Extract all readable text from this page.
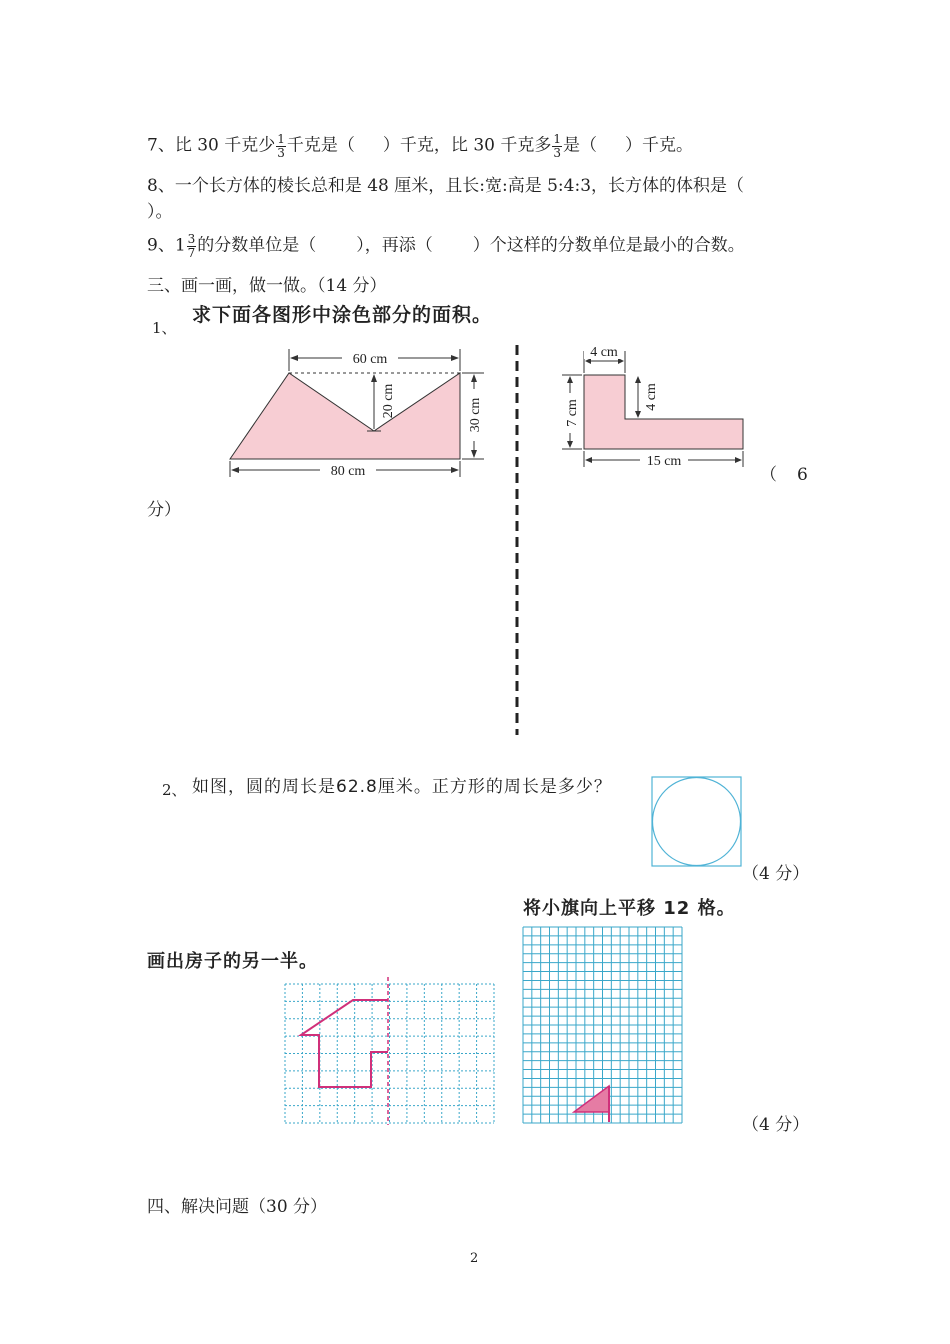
7、比 30 千克少 $\frac{1}{3}$ 千克是（ ）千克，比 30 千克多 $\frac{1}{3}$ 是（ ）千克。
8、一个长方体的棱长总和是 48 厘米，且长:宽:高是 5:4:3，长方体的体积是（
）。
9、$1 \frac{3}{7}$ 的分数单位是（ ），再添（ ）个这样的分数单位是最小的合数。
三、画一画，做一做。（14 分）
1、
求下面各图形中涂色部分的面积。
60 cm
20 cm	30 cm
80 cm
4 cm
4 cm
7 cm
15 cm
（ 6
分）
2、 如图，圆的周长是62.8厘米。正方形的周长是多少？
（4 分）
将小旗向上平移 12 格。
画出房子的另一半。
（4 分）
四、解决问题（30 分）
2
